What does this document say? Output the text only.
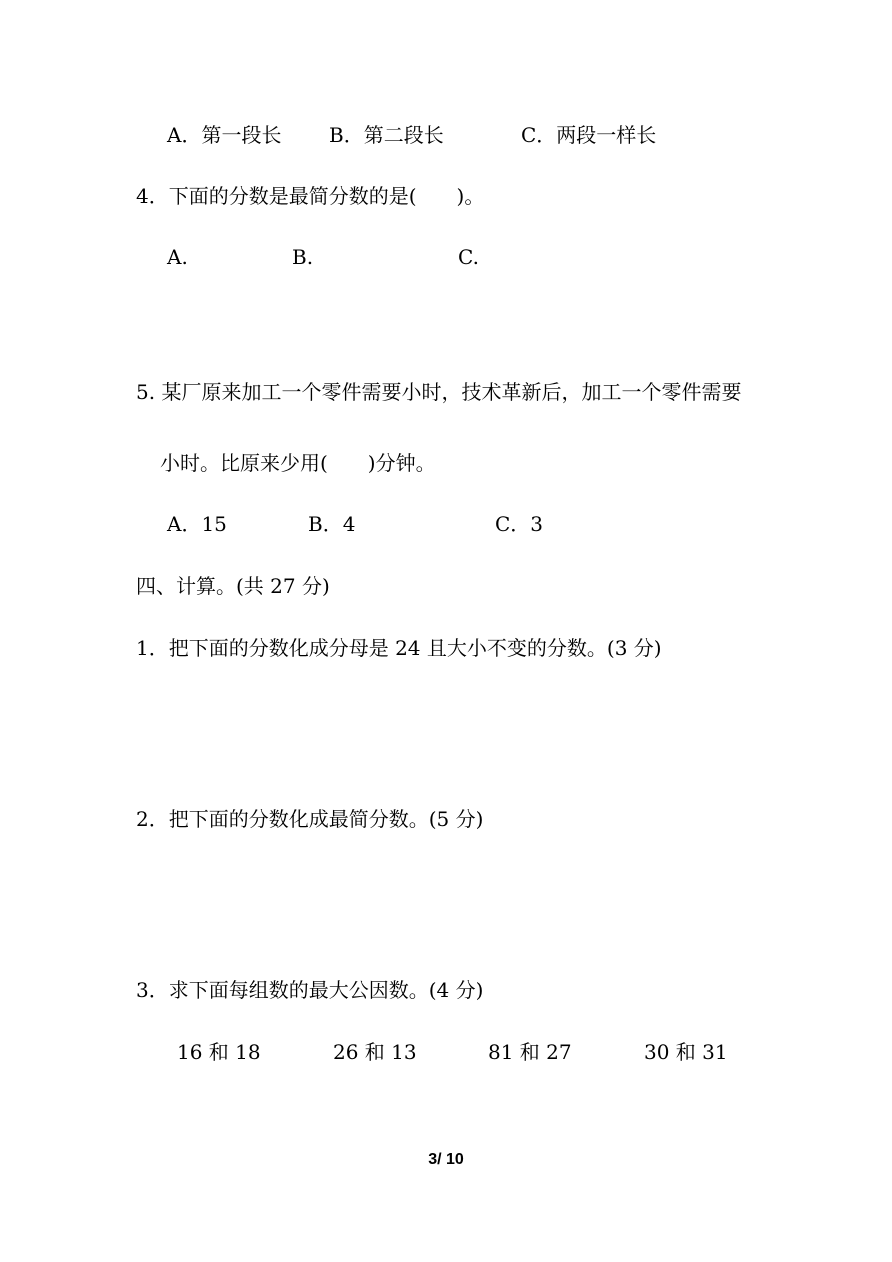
A．第一段长 B．第二段长	C．两段一样长
4．下面的分数是最简分数的是(　　)。
A.	B.	C.
5. 某厂原来加工一个零件需要小时，技术革新后，加工一个零件需要
小时。比原来少用(　　)分钟。
A．15	B．4	C．3
四、计算。(共 27 分)
1．把下面的分数化成分母是 24 且大小不变的分数。(3 分)
2．把下面的分数化成最简分数。(5 分)
3．求下面每组数的最大公因数。(4 分)
16 和 18	26 和 13	81 和 27	30 和 31
3/ 10
